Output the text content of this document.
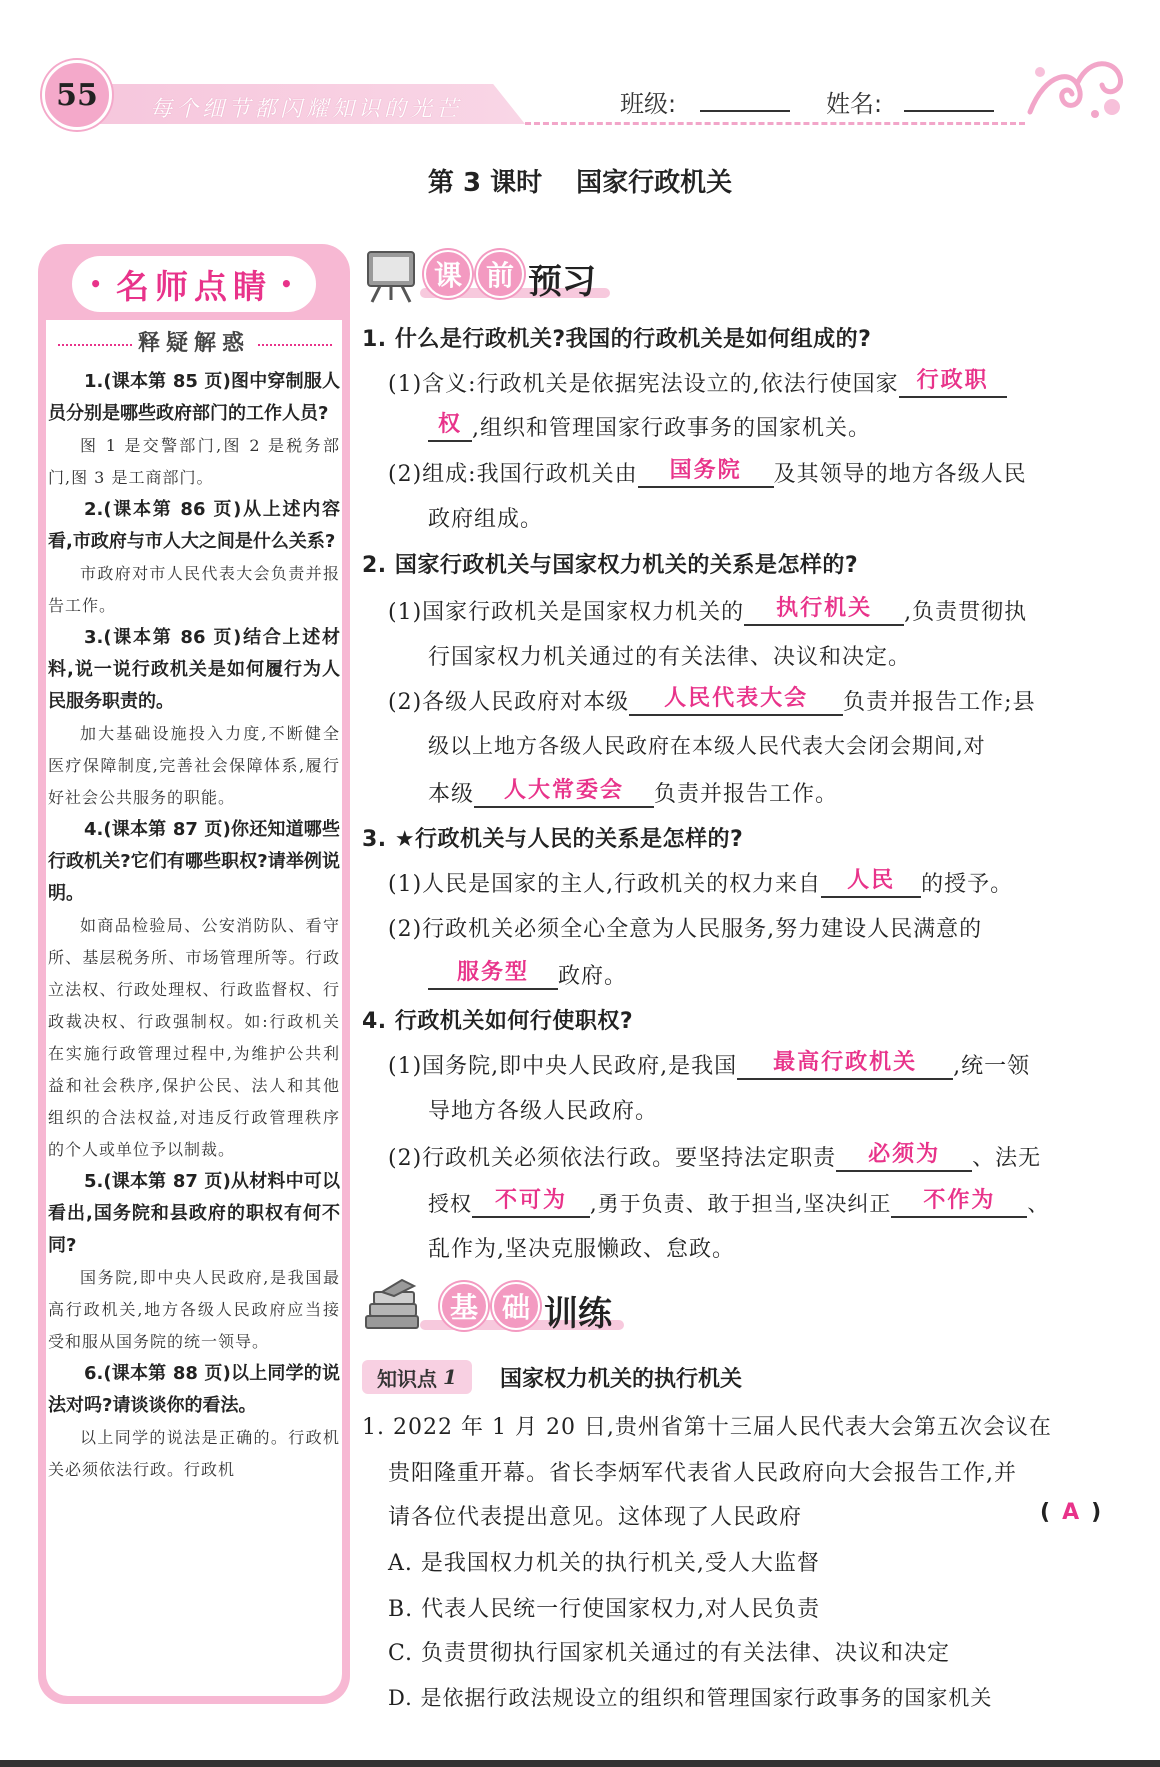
55	每个细节都闪耀知识的光芒	班级:	姓名:
第 3 课时 国家行政机关
• 名师点睛
•
释疑解惑

1.(课本第 85 页)图中穿制服人员分别是哪些政府部门的工作人员?

图 1 是交警部门,图 2 是税务部门,图 3 是工商部门。

2.(课本第 86 页)从上述内容看,市政府与市人大之间是什么关系?

市政府对市人民代表大会负责并报告工作。

3.(课本第 86 页)结合上述材料,说一说行政机关是如何履行为人民服务职责的。

加大基础设施投入力度,不断健全医疗保障制度,完善社会保障体系,履行好社会公共服务的职能。

4.(课本第 87 页)你还知道哪些行政机关?它们有哪些职权?请举例说明。

如商品检验局、公安消防队、看守所、基层税务所、市场管理所等。行政立法权、行政处理权、行政监督权、行政裁决权、行政强制权。如:行政机关在实施行政管理过程中,为维护公共利益和社会秩序,保护公民、法人和其他组织的合法权益,对违反行政管理秩序的个人或单位予以制裁。

5.(课本第 87 页)从材料中可以看出,国务院和县政府的职权有何不同?

国务院,即中央人民政府,是我国最高行政机关,地方各级人民政府应当接受和服从国务院的统一领导。

6.(课本第 88 页)以上同学的说法对吗?请谈谈你的看法。

以上同学的说法是正确的。行政机关必须依法行政。行政机

课 前 预习
1. 什么是行政机关?我国的行政机关是如何组成的?
(1)含义:行政机关是依据宪法设立的,依法行使国家 行政职
权 ,组织和管理国家行政事务的国家机关。
(2)组成:我国行政机关由 国务院 及其领导的地方各级人民
政府组成。
2. 国家行政机关与国家权力机关的关系是怎样的?
(1)国家行政机关是国家权力机关的 执行机关 ,负责贯彻执
行国家权力机关通过的有关法律、决议和决定。
(2)各级人民政府对本级 人民代表大会 负责并报告工作;县
级以上地方各级人民政府在本级人民代表大会闭会期间,对
本级 人大常委会 负责并报告工作。
3. ★行政机关与人民的关系是怎样的?
(1)人民是国家的主人,行政机关的权力来自 人民 的授予。
(2)行政机关必须全心全意为人民服务,努力建设人民满意的
服务型 政府。
4. 行政机关如何行使职权?
(1)国务院,即中央人民政府,是我国 最高行政机关 ,统一领
导地方各级人民政府。
(2)行政机关必须依法行政。要坚持法定职责 必须为 、法无
授权 不可为 ,勇于负责、敢于担当,坚决纠正 不作为 、
乱作为,坚决克服懒政、怠政。
基 础 训练
知识点 1 国家权力机关的执行机关
1. 2022 年 1 月 20 日,贵州省第十三届人民代表大会第五次会议在
贵阳隆重开幕。省长李炳军代表省人民政府向大会报告工作,并
请各位代表提出意见。这体现了人民政府	( A )
A. 是我国权力机关的执行机关,受人大监督
B. 代表人民统一行使国家权力,对人民负责
C. 负责贯彻执行国家机关通过的有关法律、决议和决定
D. 是依据行政法规设立的组织和管理国家行政事务的国家机关
